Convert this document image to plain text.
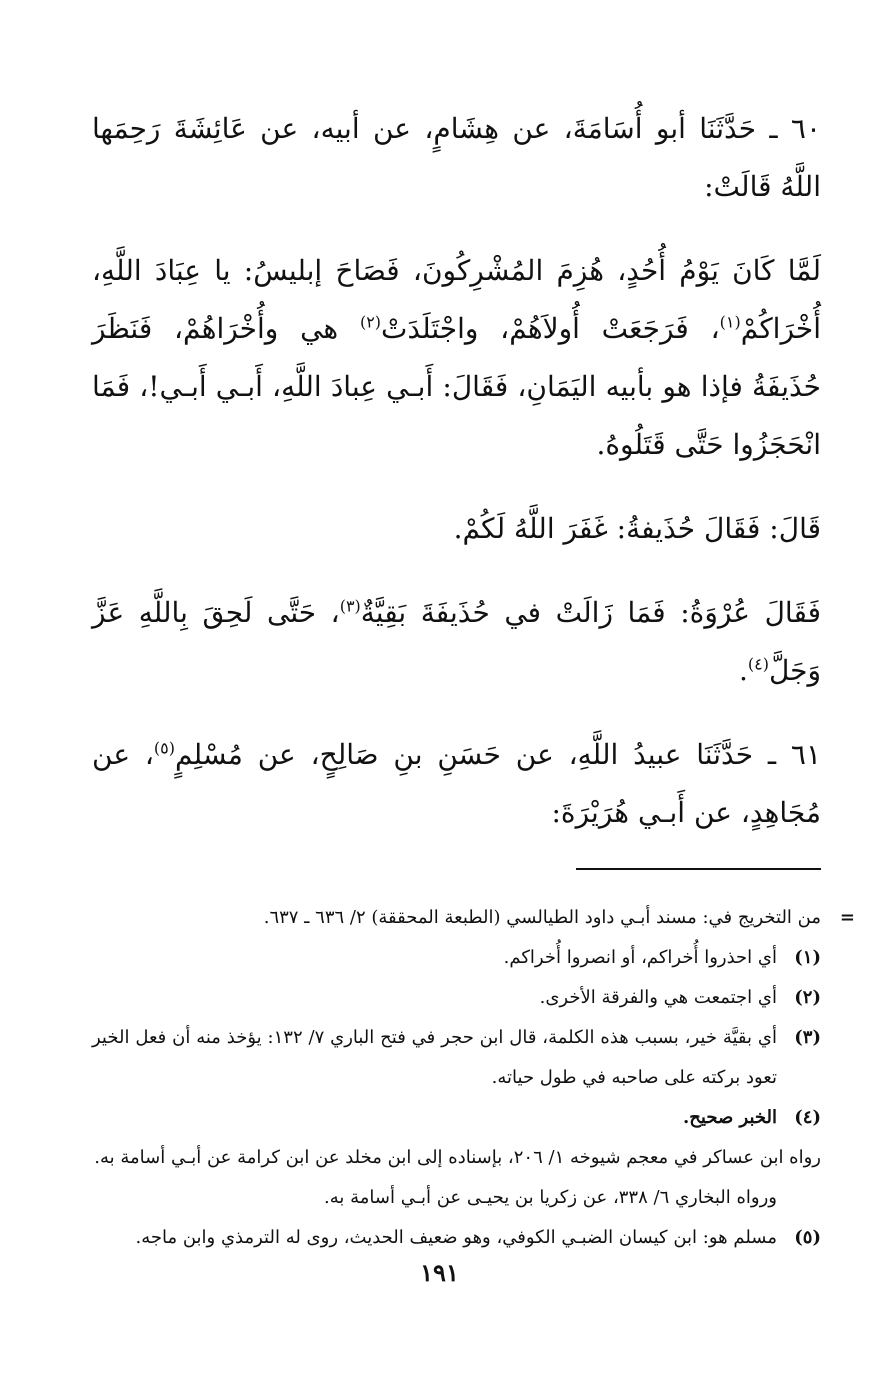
٦٠ ـ حَدَّثَنَا أبو أُسَامَةَ، عن هِشَامٍ، عن أبيه، عن عَائِشَةَ رَحِمَها اللَّهُ قَالَتْ:

لَمَّا كَانَ يَوْمُ أُحُدٍ، هُزِمَ المُشْرِكُونَ، فَصَاحَ إبليسُ: يا عِبَادَ اللَّهِ، أُخْرَاكُمْ$^{(١)}$، فَرَجَعَتْ أُولاَهُمْ، واجْتَلَدَتْ$^{(٢)}$ هي وأُخْرَاهُمْ، فَنَظَرَ حُذَيفَةُ فإذا هو بأبيه اليَمَانِ، فَقَالَ: أَبـي عِبادَ اللَّهِ، أَبـي أَبـي!، فَمَا انْحَجَزُوا حَتَّى قَتَلُوهُ.

قَالَ: فَقَالَ حُذَيفةُ: غَفَرَ اللَّهُ لَكُمْ.

فَقَالَ عُرْوَةُ: فَمَا زَالَتْ في حُذَيفَةَ بَقِيَّةٌ$^{(٣)}$، حَتَّى لَحِقَ بِاللَّهِ عَزَّ وَجَلَّ$^{(٤)}$.

٦١ ـ حَدَّثَنَا عبيدُ اللَّهِ، عن حَسَنِ بنِ صَالِحٍ، عن مُسْلِمٍ$^{(٥)}$، عن مُجَاهِدٍ، عن أَبـي هُرَيْرَةَ:

=
من التخريج في: مسند أبـي داود الطيالسي (الطبعة المحققة) ٢/ ٦٣٦ ـ ٦٣٧.
(١)
أي احذروا أُخراكم، أو انصروا أُخراكم.
(٢)
أي اجتمعت هي والفرقة الأخرى.
(٣)
أي بقيَّة خير، بسبب هذه الكلمة، قال ابن حجر في فتح الباري ٧/ ١٣٢: يؤخذ منه أن فعل الخير تعود بركته على صاحبه في طول حياته.
(٤)
الخبر صحيح.

رواه ابن عساكر في معجم شيوخه ١/ ٢٠٦، بإسناده إلى ابن مخلد عن ابن كرامة عن أبـي أسامة به.

ورواه البخاري ٦/ ٣٣٨، عن زكريا بن يحيـى عن أبـي أسامة به.

(٥)
مسلم هو: ابن كيسان الضبـي الكوفي، وهو ضعيف الحديث، روى له الترمذي وابن ماجه.
١٩١
